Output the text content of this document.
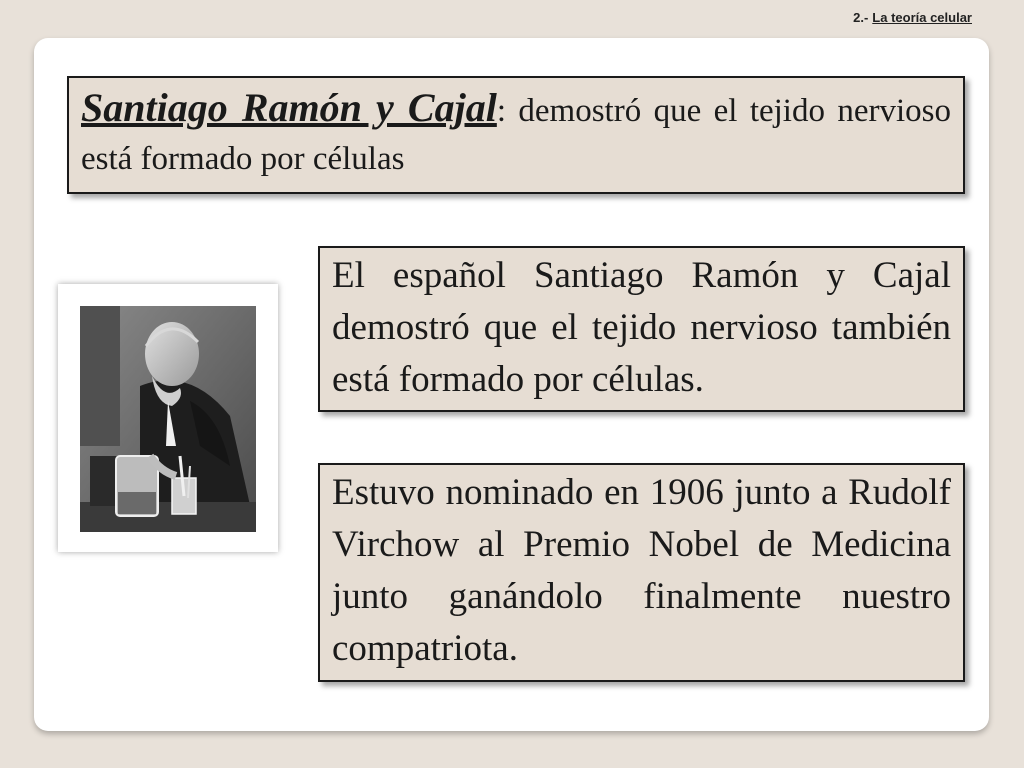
2.- La teoría celular
Santiago Ramón y Cajal: demostró que el tejido nervioso está formado por células
El español Santiago Ramón y Cajal demostró que el tejido nervioso también está formado por células.
Estuvo nominado en 1906 junto a Rudolf Virchow al Premio Nobel de Medicina junto ganándolo finalmente nuestro compatriota.
